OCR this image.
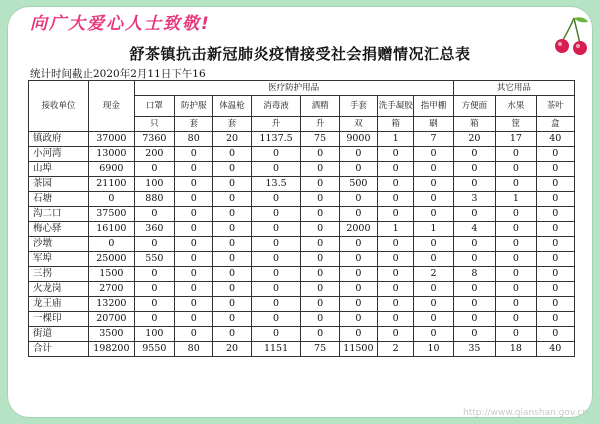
向广大爱心人士致敬!
舒茶镇抗击新冠肺炎疫情接受社会捐赠情况汇总表
统计时间截止2020年2月11日下午16
接收单位	现金	医疗防护用品								其它用品		
		口罩	防护服	体温枪	消毒液	酒精	手套	洗手凝胶	指甲棚	方便面	水果	茶叶
		只	套	套	升	升	双	箱	刷	箱	筐	盒
镇政府	37000	7360	80	20	1137.5	75	9000	1	7	20	17	40
小河湾	13000	200	0	0	0	0	0	0	0	0	0	0
山埠	6900	0	0	0	0	0	0	0	0	0	0	0
茶园	21100	100	0	0	13.5	0	500	0	0	0	0	0
石塘	0	880	0	0	0	0	0	0	0	3	1	0
沟二口	37500	0	0	0	0	0	0	0	0	0	0	0
梅心驿	16100	360	0	0	0	0	2000	1	1	4	0	0
沙墩	0	0	0	0	0	0	0	0	0	0	0	0
军埠	25000	550	0	0	0	0	0	0	0	0	0	0
三拐	1500	0	0	0	0	0	0	0	2	8	0	0
火龙岗	2700	0	0	0	0	0	0	0	0	0	0	0
龙王庙	13200	0	0	0	0	0	0	0	0	0	0	0
一棵印	20700	0	0	0	0	0	0	0	0	0	0	0
街道	3500	100	0	0	0	0	0	0	0	0	0	0
合计	198200	9550	80	20	1151	75	11500	2	10	35	18	40
http://www.qianshan.gov.cn
